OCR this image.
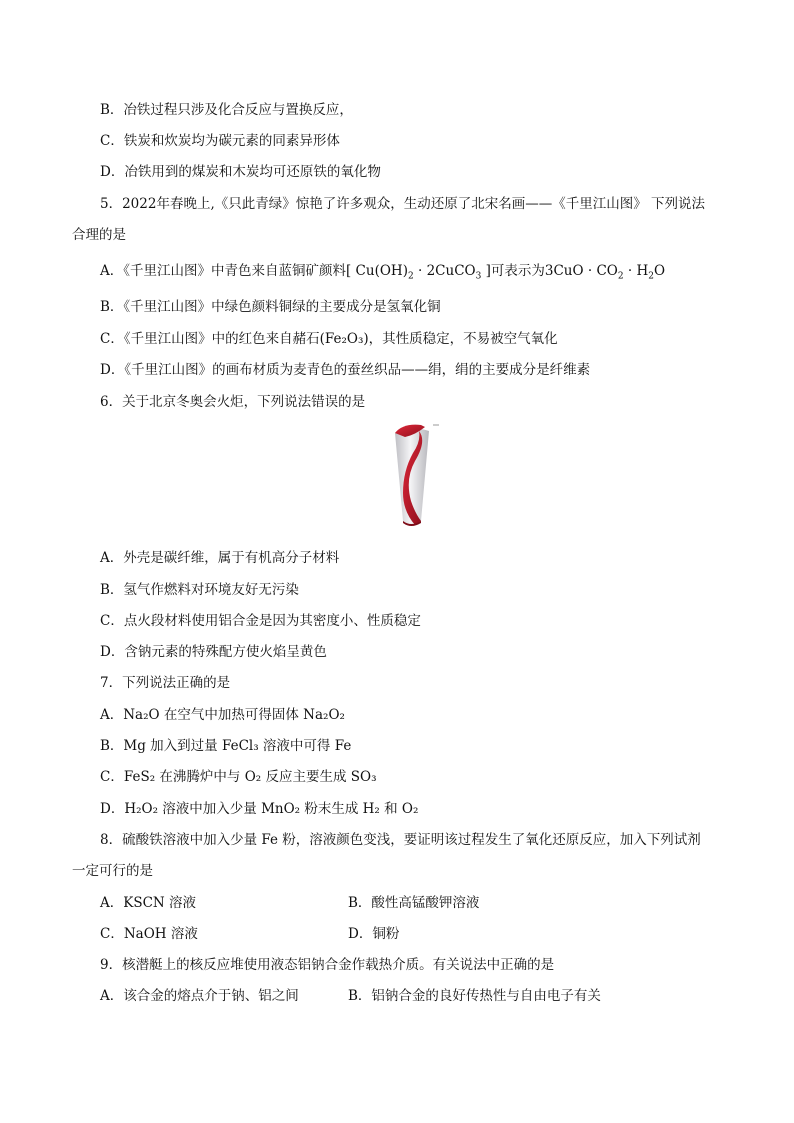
B．冶铁过程只涉及化合反应与置换反应，
C．铁炭和炊炭均为碳元素的同素异形体
D．冶铁用到的煤炭和木炭均可还原铁的氧化物
5．2022年春晚上,《只此青绿》惊艳了许多观众，生动还原了北宋名画——《千里江山图》 下列说法
合理的是
A．《千里江山图》中青色来自蓝铜矿颜料[ $Cu(OH)_2$ · 2CuCO$_3$ ]可表示为$3CuO \cdot CO_2 \cdot H_2O$
B．《千里江山图》中绿色颜料铜绿的主要成分是氢氧化铜
C．《千里江山图》中的红色来自赭石(Fe₂O₃)，其性质稳定，不易被空气氧化
D．《千里江山图》的画布材质为麦青色的蚕丝织品——绢，绢的主要成分是纤维素
6．关于北京冬奥会火炬，下列说法错误的是
A．外壳是碳纤维，属于有机高分子材料
B．氢气作燃料对环境友好无污染
C．点火段材料使用铝合金是因为其密度小、性质稳定
D．含钠元素的特殊配方使火焰呈黄色
7．下列说法正确的是
A．Na₂O 在空气中加热可得固体 Na₂O₂
B．Mg 加入到过量 FeCl₃ 溶液中可得 Fe
C．FeS₂ 在沸腾炉中与 O₂ 反应主要生成 SO₃
D．H₂O₂ 溶液中加入少量 MnO₂ 粉末生成 H₂ 和 O₂
8．硫酸铁溶液中加入少量 Fe 粉，溶液颜色变浅，要证明该过程发生了氧化还原反应，加入下列试剂
一定可行的是
A．KSCN 溶液	B．酸性高锰酸钾溶液
C．NaOH 溶液	D．铜粉
9．核潜艇上的核反应堆使用液态铝钠合金作载热介质。有关说法中正确的是
A．该合金的熔点介于钠、铝之间	B．铝钠合金的良好传热性与自由电子有关
